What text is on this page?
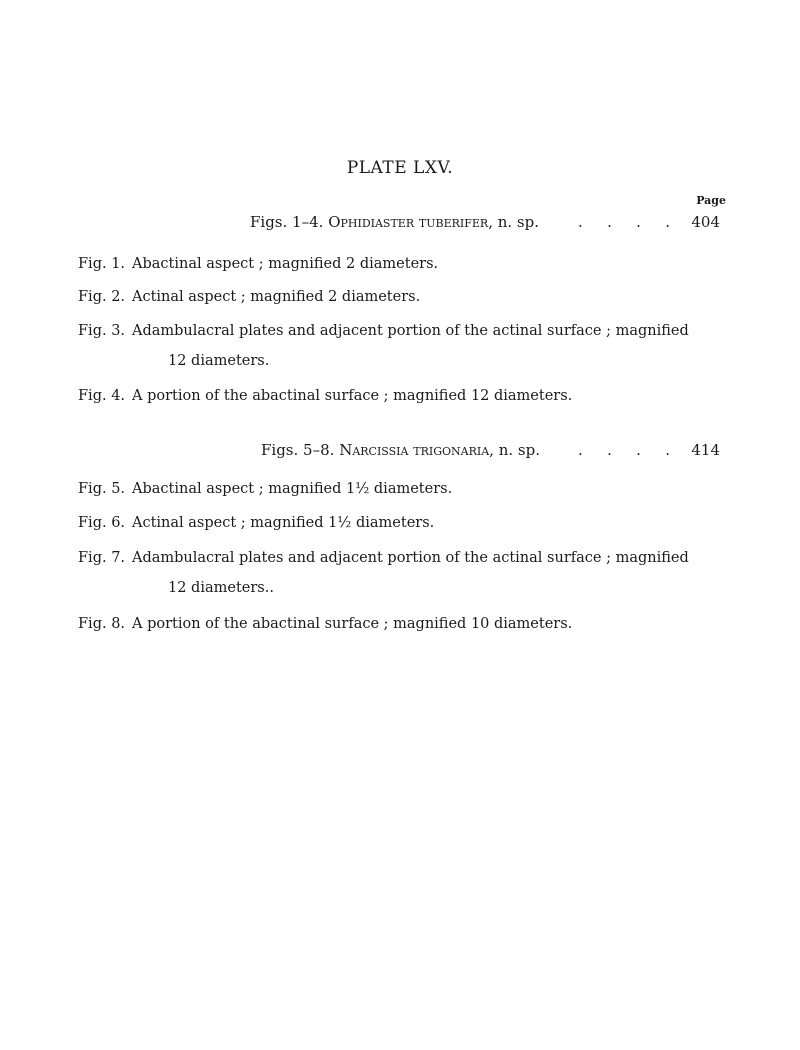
PLATE LXV.
Page
Figs. 1–4. Ophidiaster tuberifer, n. sp.	. . . .	404
Fig. 1. Abactinal aspect ; magnified 2 diameters.
Fig. 2. Actinal aspect ; magnified 2 diameters.
Fig. 3. Adambulacral plates and adjacent portion of the actinal surface ; magnified
12 diameters.
Fig. 4. A portion of the abactinal surface ; magnified 12 diameters.
Figs. 5–8. Narcissia trigonaria, n. sp.	. . . .	414
Fig. 5. Abactinal aspect ; magnified 1½ diameters.
Fig. 6. Actinal aspect ; magnified 1½ diameters.
Fig. 7. Adambulacral plates and adjacent portion of the actinal surface ; magnified
12 diameters..
Fig. 8. A portion of the abactinal surface ; magnified 10 diameters.
